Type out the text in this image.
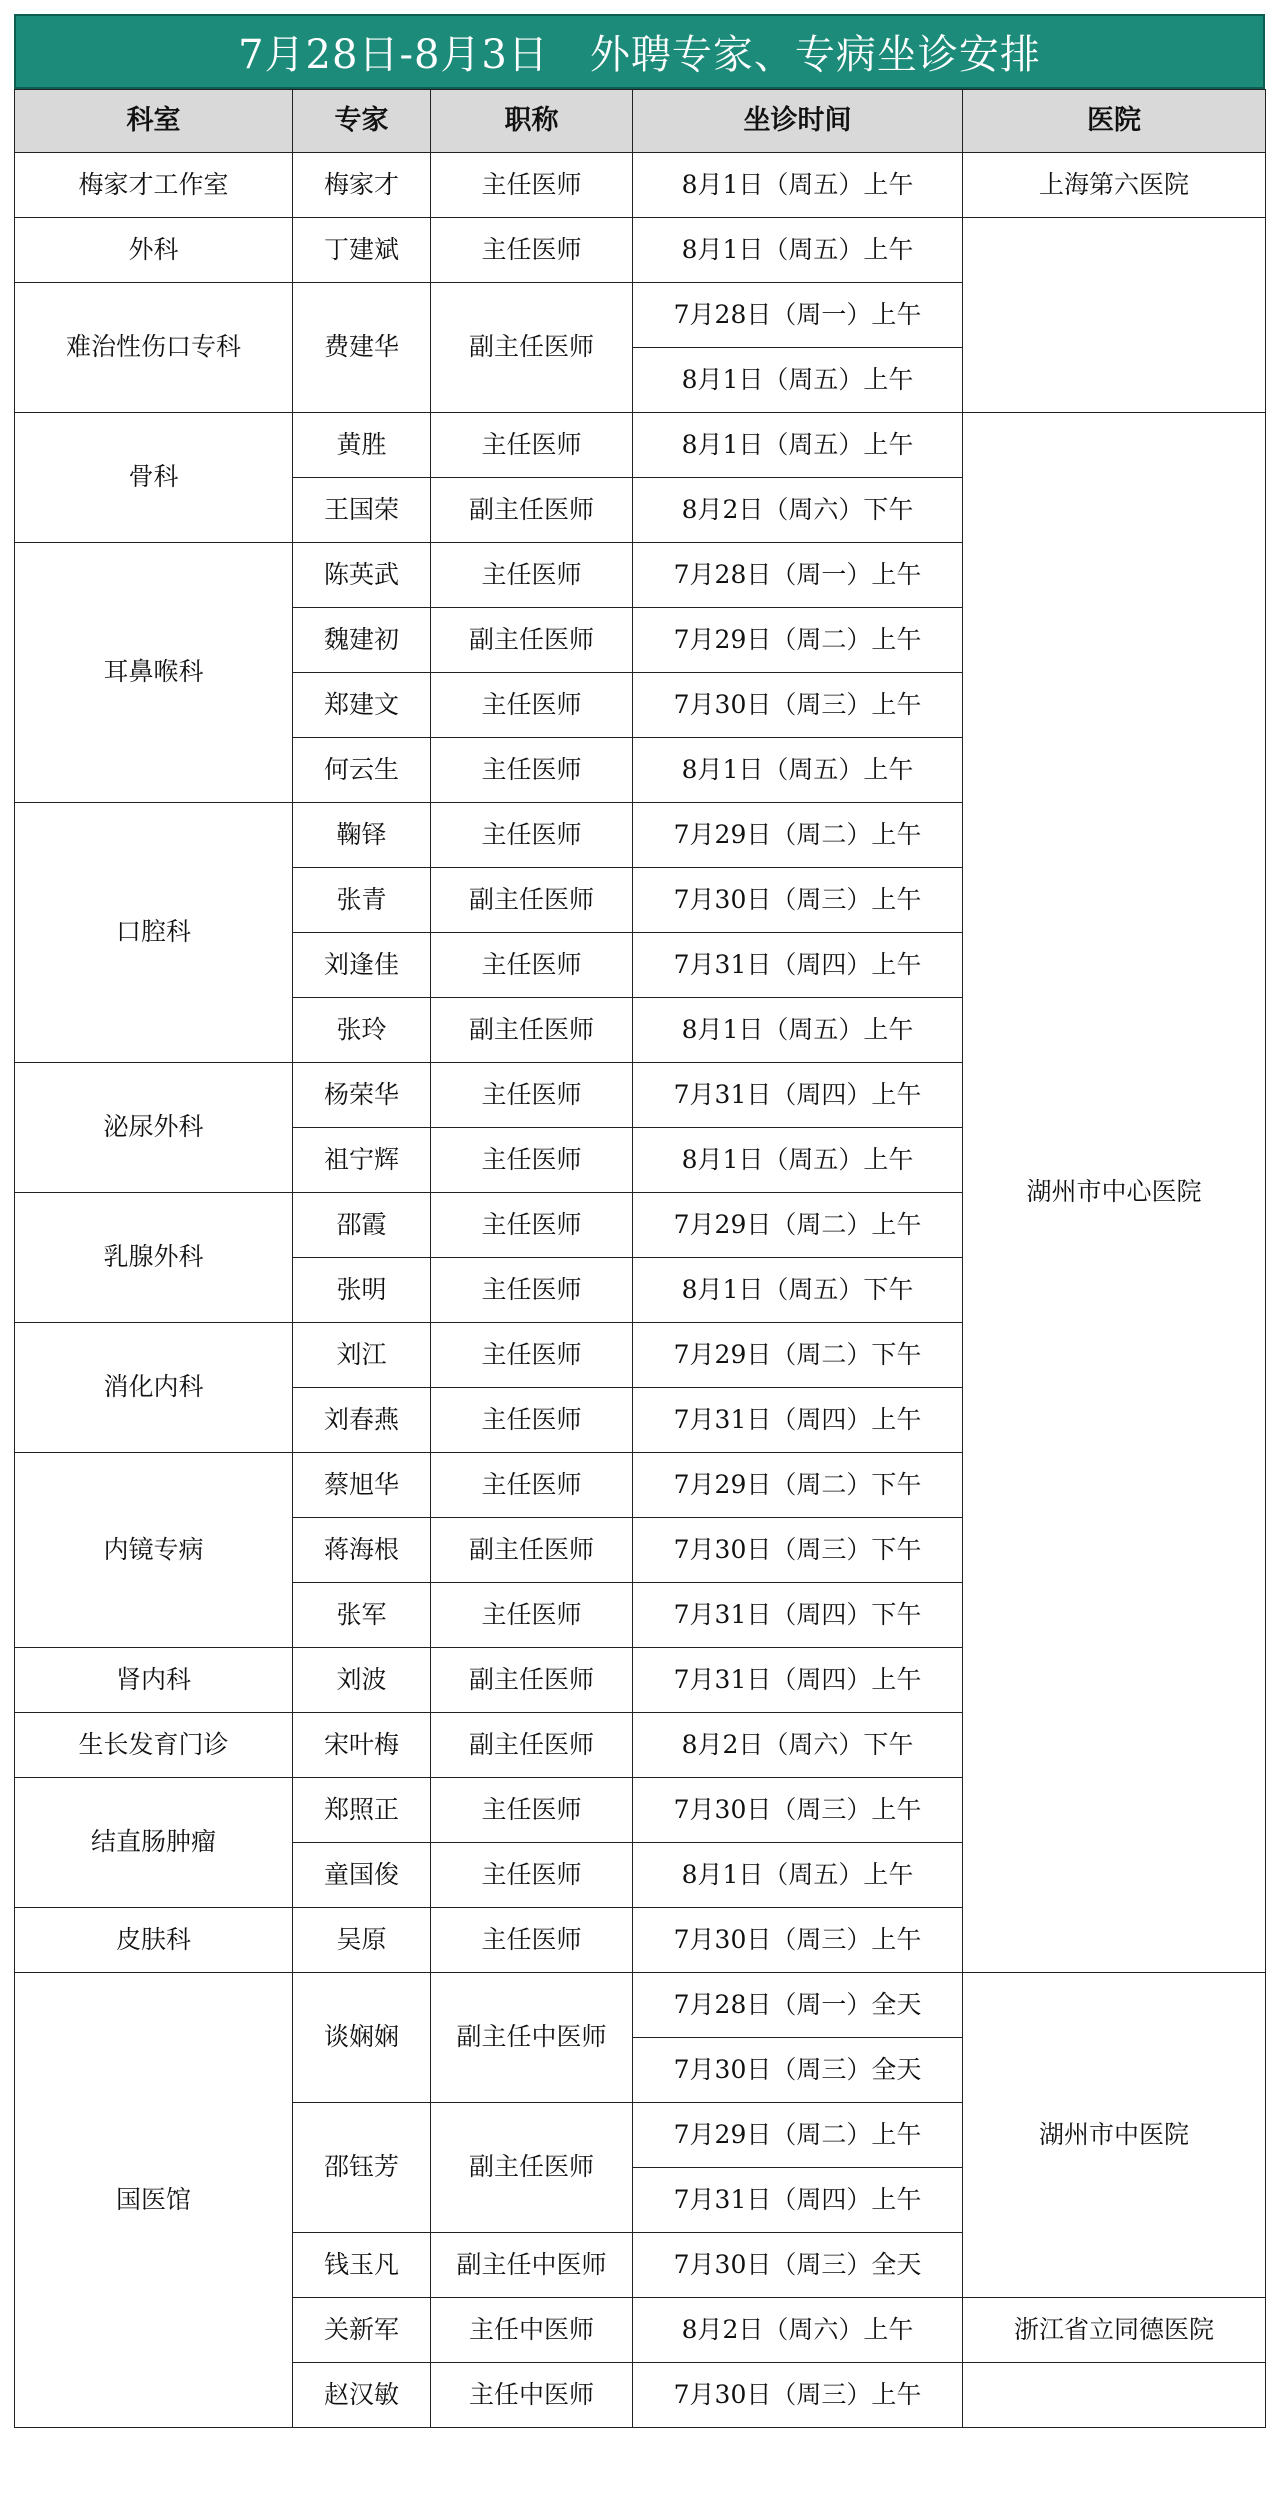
7月28日-8月3日　外聘专家、专病坐诊安排
科室	专家	职称	坐诊时间	医院
梅家才工作室	梅家才	主任医师	8月1日（周五）上午	上海第六医院
外科	丁建斌	主任医师	8月1日（周五）上午	
难治性伤口专科	费建华	副主任医师	7月28日（周一）上午	
			8月1日（周五）上午	
骨科	黄胜	主任医师	8月1日（周五）上午	湖州市中心医院
	王国荣	副主任医师	8月2日（周六）下午	
耳鼻喉科	陈英武	主任医师	7月28日（周一）上午	
	魏建初	副主任医师	7月29日（周二）上午	
	郑建文	主任医师	7月30日（周三）上午	
	何云生	主任医师	8月1日（周五）上午	
口腔科	鞠铎	主任医师	7月29日（周二）上午	
	张青	副主任医师	7月30日（周三）上午	
	刘逢佳	主任医师	7月31日（周四）上午	
	张玲	副主任医师	8月1日（周五）上午	
泌尿外科	杨荣华	主任医师	7月31日（周四）上午	
	祖宁辉	主任医师	8月1日（周五）上午	
乳腺外科	邵霞	主任医师	7月29日（周二）上午	
	张明	主任医师	8月1日（周五）下午	
消化内科	刘江	主任医师	7月29日（周二）下午	
	刘春燕	主任医师	7月31日（周四）上午	
内镜专病	蔡旭华	主任医师	7月29日（周二）下午	
	蒋海根	副主任医师	7月30日（周三）下午	
	张军	主任医师	7月31日（周四）下午	
肾内科	刘波	副主任医师	7月31日（周四）上午	
生长发育门诊	宋叶梅	副主任医师	8月2日（周六）下午	
结直肠肿瘤	郑照正	主任医师	7月30日（周三）上午	
	童国俊	主任医师	8月1日（周五）上午	
皮肤科	吴原	主任医师	7月30日（周三）上午	
国医馆	谈娴娴	副主任中医师	7月28日（周一）全天	湖州市中医院
			7月30日（周三）全天	
	邵钰芳	副主任医师	7月29日（周二）上午	
			7月31日（周四）上午	
	钱玉凡	副主任中医师	7月30日（周三）全天	
	关新军	主任中医师	8月2日（周六）上午	浙江省立同德医院
	赵汉敏	主任中医师	7月30日（周三）上午	
